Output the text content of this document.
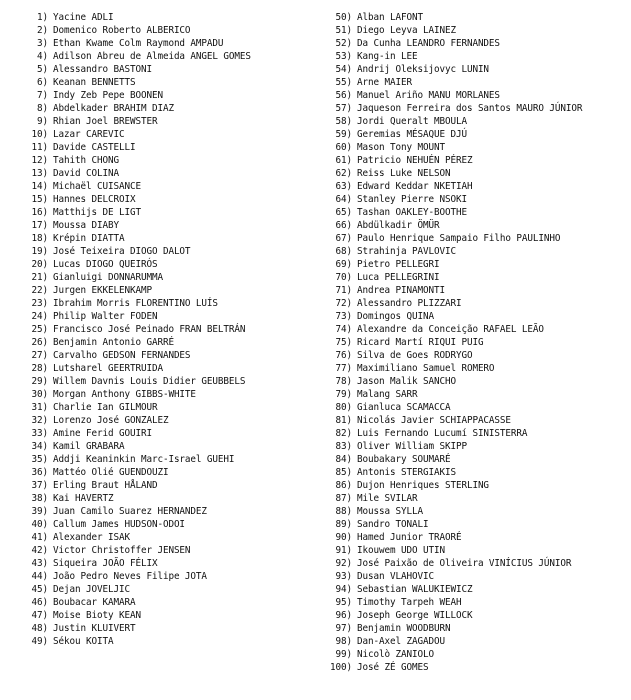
1) Yacine ADLI
2) Domenico Roberto ALBERICO
3) Ethan Kwame Colm Raymond AMPADU
4) Adilson Abreu de Almeida ANGEL GOMES
5) Alessandro BASTONI
6) Keanan BENNETTS
7) Indy Zeb Pepe BOONEN
8) Abdelkader BRAHIM DIAZ
9) Rhian Joel BREWSTER
10) Lazar CAREVIC
11) Davide CASTELLI
12) Tahith CHONG
13) David COLINA
14) Michaël CUISANCE
15) Hannes DELCROIX
16) Matthijs DE LIGT
17) Moussa DIABY
18) Krépin DIATTA
19) José Teixeira DIOGO DALOT
20) Lucas DIOGO QUEIRÓS
21) Gianluigi DONNARUMMA
22) Jurgen EKKELENKAMP
23) Ibrahim Morris FLORENTINO LUÍS
24) Philip Walter FODEN
25) Francisco José Peinado FRAN BELTRÁN
26) Benjamin Antonio GARRÉ
27) Carvalho GEDSON FERNANDES
28) Lutsharel GEERTRUIDA
29) Willem Davnis Louis Didier GEUBBELS
30) Morgan Anthony GIBBS-WHITE
31) Charlie Ian GILMOUR
32) Lorenzo José GONZALEZ
33) Amine Ferid GOUIRI
34) Kamil GRABARA
35) Addji Keaninkin Marc-Israel GUEHI
36) Mattéo Olié GUENDOUZI
37) Erling Braut HÅLAND
38) Kai HAVERTZ
39) Juan Camilo Suarez HERNANDEZ
40) Callum James HUDSON-ODOI
41) Alexander ISAK
42) Victor Christoffer JENSEN
43) Siqueira JOÃO FÉLIX
44) João Pedro Neves Filipe JOTA
45) Dejan JOVELJIC
46) Boubacar KAMARA
47) Moise Bioty KEAN
48) Justin KLUIVERT
49) Sékou KOITA
50) Alban LAFONT
51) Diego Leyva LAINEZ
52) Da Cunha LEANDRO FERNANDES
53) Kang-in LEE
54) Andrij Oleksijovyc LUNIN
55) Arne MAIER
56) Manuel Ariño MANU MORLANES
57) Jaqueson Ferreira dos Santos MAURO JÚNIOR
58) Jordi Queralt MBOULA
59) Geremias MÉSAQUE DJÚ
60) Mason Tony MOUNT
61) Patricio NEHUÉN PÉREZ
62) Reiss Luke NELSON
63) Edward Keddar NKETIAH
64) Stanley Pierre NSOKI
65) Tashan OAKLEY-BOOTHE
66) Abdülkadir ÖMÜR
67) Paulo Henrique Sampaio Filho PAULINHO
68) Strahinja PAVLOVIC
69) Pietro PELLEGRI
70) Luca PELLEGRINI
71) Andrea PINAMONTI
72) Alessandro PLIZZARI
73) Domingos QUINA
74) Alexandre da Conceição RAFAEL LEÃO
75) Ricard Martí RIQUI PUIG
76) Silva de Goes RODRYGO
77) Maximiliano Samuel ROMERO
78) Jason Malik SANCHO
79) Malang SARR
80) Gianluca SCAMACCA
81) Nicolás Javier SCHIAPPACASSE
82) Luis Fernando Lucumí SINISTERRA
83) Oliver William SKIPP
84) Boubakary SOUMARÉ
85) Antonis STERGIAKIS
86) Dujon Henriques STERLING
87) Mile SVILAR
88) Moussa SYLLA
89) Sandro TONALI
90) Hamed Junior TRAORÉ
91) Ikouwem UDO UTIN
92) José Paixão de Oliveira VINÍCIUS JÚNIOR
93) Dusan VLAHOVIC
94) Sebastian WALUKIEWICZ
95) Timothy Tarpeh WEAH
96) Joseph George WILLOCK
97) Benjamin WOODBURN
98) Dan-Axel ZAGADOU
99) Nicolò ZANIOLO
100) José ZÉ GOMES
